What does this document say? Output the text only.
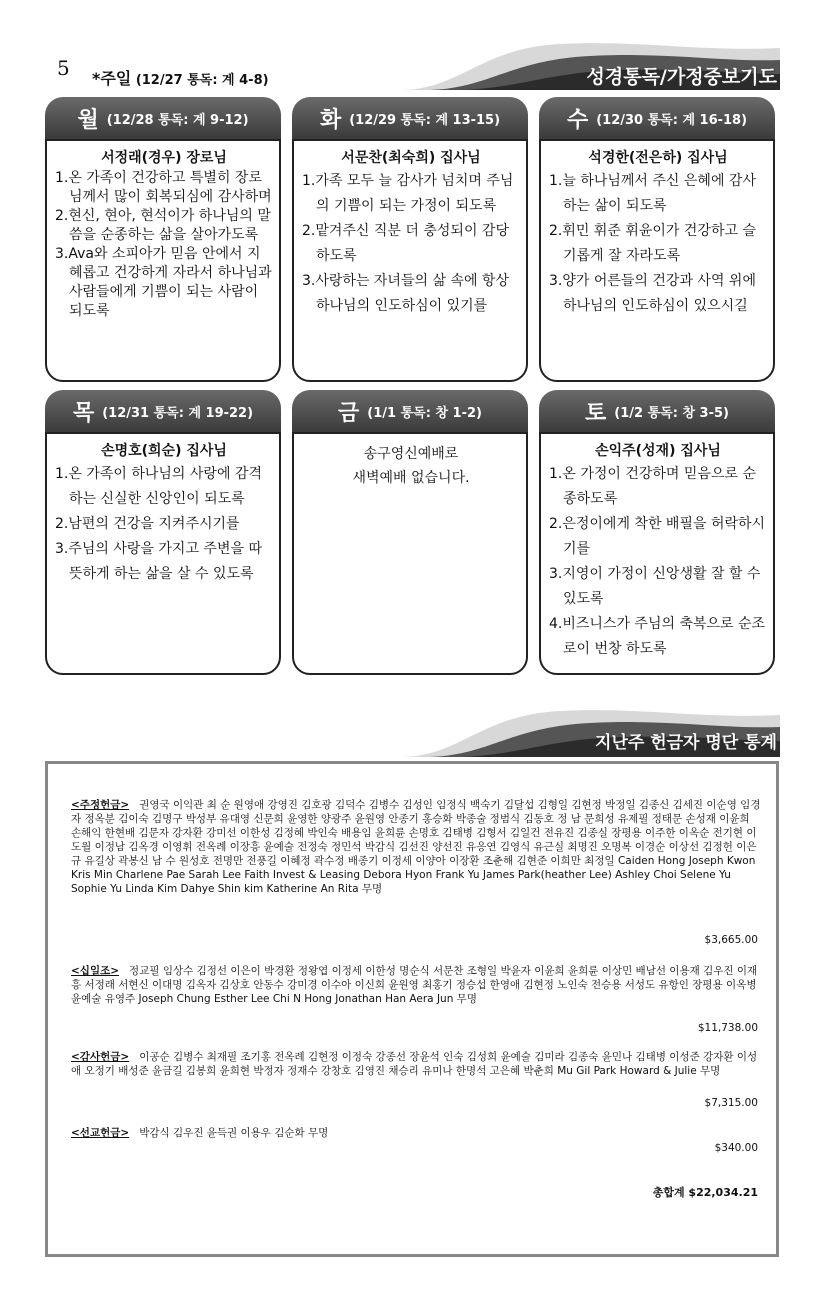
5 *주일 (12/27 통독: 계 4-8)	성경통독/가정중보기도
월 (12/28 통독: 계 9-12)
서정래(경우) 장로님

1.온 가족이 건강하고 특별히 장로님께서 많이 회복되심에 감사하며

2.현신, 현아, 현석이가 하나님의 말씀을 순종하는 삶을 살아가도록

3.Ava와 소피아가 믿음 안에서 지혜롭고 건강하게 자라서 하나님과 사람들에게 기쁨이 되는 사람이 되도록

화 (12/29 통독: 계 13-15)
서문찬(최숙희) 집사님

1.가족 모두 늘 감사가 넘치며 주님의 기쁨이 되는 가정이 되도록

2.맡겨주신 직분 더 충성되이 감당하도록

3.사랑하는 자녀들의 삶 속에 항상 하나님의 인도하심이 있기를

수 (12/30 통독: 계 16-18)
석경한(전은하) 집사님

1.늘 하나님께서 주신 은혜에 감사하는 삶이 되도록

2.휘민 휘준 휘윤이가 건강하고 슬기롭게 잘 자라도록

3.양가 어른들의 건강과 사역 위에 하나님의 인도하심이 있으시길

목 (12/31 통독: 계 19-22)
손명호(희순) 집사님

1.온 가족이 하나님의 사랑에 감격하는 신실한 신앙인이 되도록

2.남편의 건강을 지켜주시기를

3.주님의 사랑을 가지고 주변을 따뜻하게 하는 삶을 살 수 있도록

금 (1/1 통독: 창 1-2)
송구영신예배로
새벽예배 없습니다.
토 (1/2 통독: 창 3-5)
손익주(성재) 집사님

1.온 가정이 건강하며 믿음으로 순종하도록

2.은정이에게 착한 배필을 허락하시기를

3.지영이 가정이 신앙생활 잘 할 수 있도록

4.비즈니스가 주님의 축복으로 순조로이 번창 하도록

지난주 헌금자 명단 통계
<주정헌금> 권영국 이익관 최 순 원영애 강영진 김호광 김덕수 김병수 김성인 임정식 백숙기 김달섭 김형일 김현정 박정일 김종신 김세진 이순영 임경자 정옥분 김이숙 김명구 박성부 유대영 신문희 윤영한 양광주 윤원영 안종기 홍승화 박종술 정범식 김동호 정 남 문희성 유제필 정태문 손성재 이윤희 손해익 한현배 김문자 강자환 강미선 이한성 김정혜 박인숙 배용임 윤희륜 손명호 김태병 김형서 김일건 전유진 김종실 장평용 이주한 이옥순 전기현 이도월 이정남 김옥경 이영휘 전옥례 이장흥 윤예술 전정숙 정민석 박감식 김선진 양선진 유응연 김영식 유근실 최명진 오명복 이경순 이상선 김정헌 이은규 유길상 곽봉신 남 수 원성호 전명만 전풍길 이혜정 곽수정 배종기 이정세 이양아 이장환 조춘해 김현준 이희만 최정일 Caiden Hong Joseph Kwon Kris Min Charlene Pae Sarah Lee Faith Invest & Leasing Debora Hyon Frank Yu James Park(heather Lee) Ashley Choi Selene Yu Sophie Yu Linda Kim Dahye Shin kim Katherine An Rita 무명
$3,665.00
<십일조> 정교필 임상수 김정선 이은이 박경환 정왕엽 이정세 이한성 명순식 서문찬 조형일 박윤자 이윤희 윤희륜 이상민 배남선 이용재 김우진 이재흥 서정래 서현신 이대명 김옥자 김상호 안동수 강미경 이수아 이신희 윤원영 최홍기 정승섭 한영애 김현정 노인숙 전승용 서성도 유항인 장평용 이옥병 윤예술 유영주 Joseph Chung Esther Lee Chi N Hong Jonathan Han Aera Jun 무명
$11,738.00
<감사헌금> 이공순 김병수 최재필 조기홍 전옥례 김현정 이정숙 강종선 장윤석 인숙 김성희 윤예술 김미라 김종숙 윤민나 김태병 이성준 강자환 이성애 오정기 배성준 윤금길 김봉희 윤희현 박정자 정재수 강창호 김영진 채승리 유미나 한명석 고은혜 박춘희 Mu Gil Park Howard & Julie 무명
$7,315.00
<선교헌금> 박감식 김우진 윤득권 이용우 김순화 무명
$340.00
총합계 $22,034.21
